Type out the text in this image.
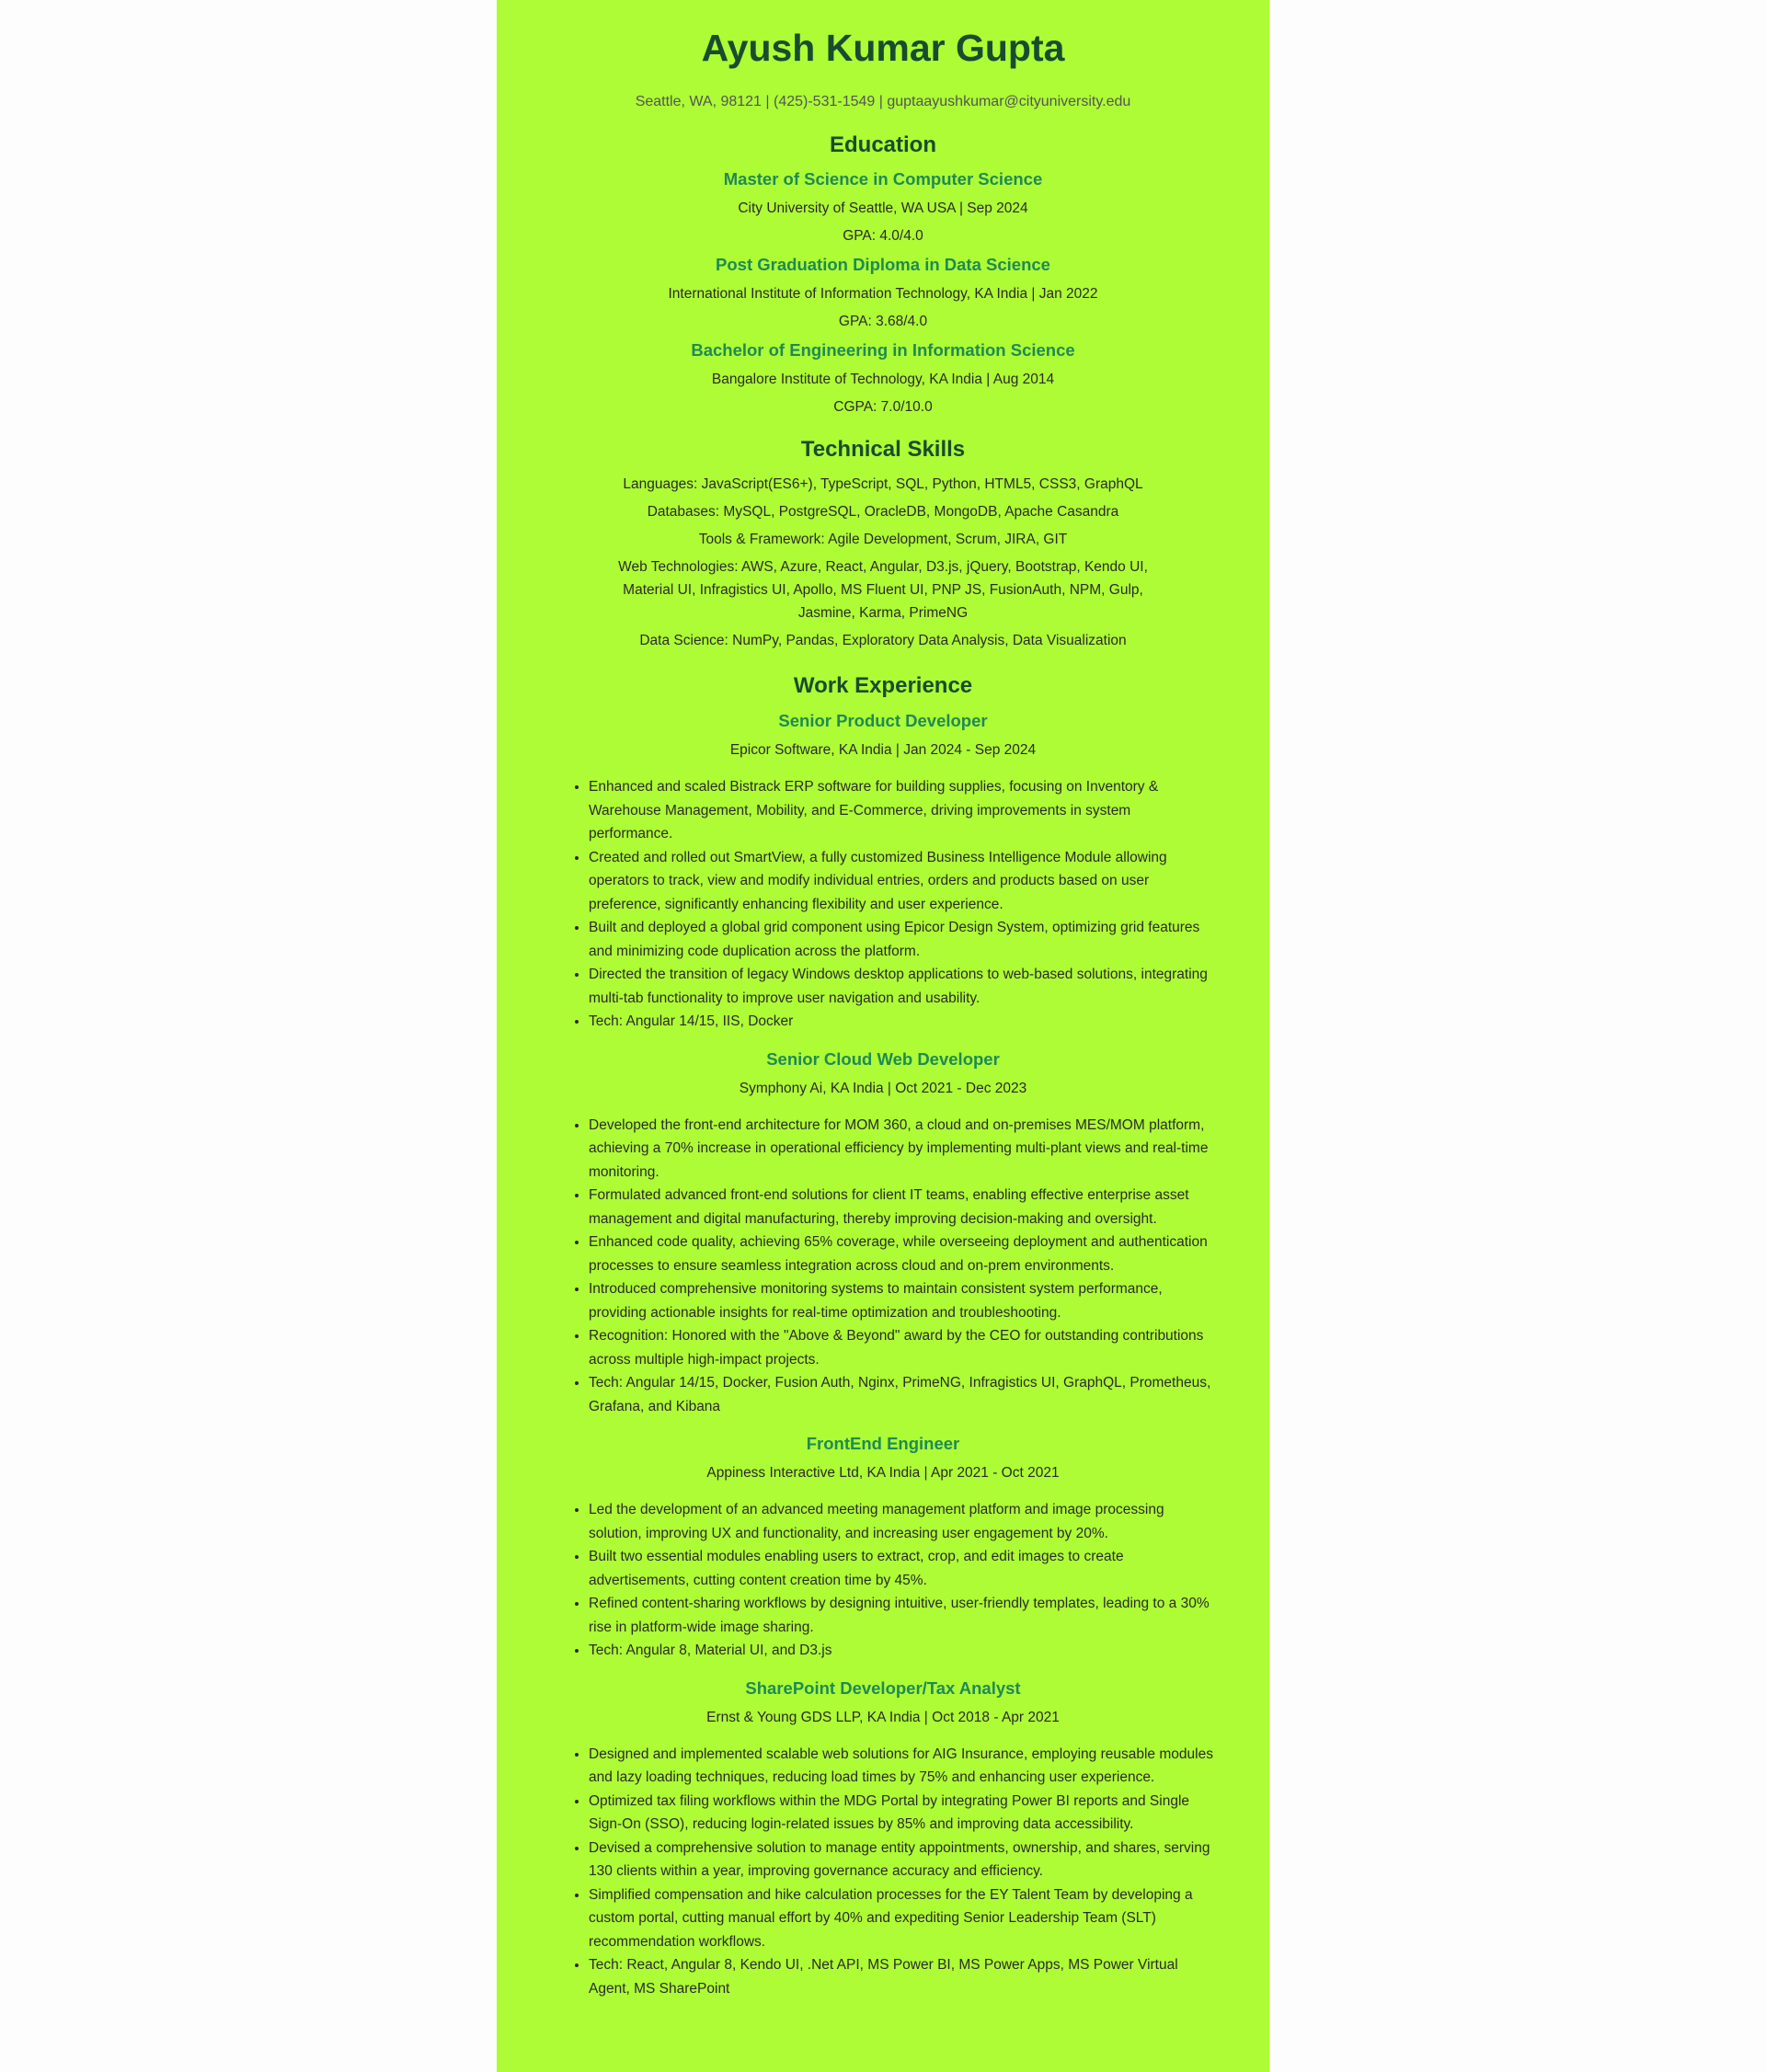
Ayush Kumar Gupta

Seattle, WA, 98121 | (425)-531-1549 | guptaayushkumar@cityuniversity.edu

Education
Master of Science in Computer Science

City University of Seattle, WA USA | Sep 2024

GPA: 4.0/4.0

Post Graduation Diploma in Data Science

International Institute of Information Technology, KA India | Jan 2022

GPA: 3.68/4.0

Bachelor of Engineering in Information Science

Bangalore Institute of Technology, KA India | Aug 2014

CGPA: 7.0/10.0

Technical Skills

Languages: JavaScript(ES6+), TypeScript, SQL, Python, HTML5, CSS3, GraphQL

Databases: MySQL, PostgreSQL, OracleDB, MongoDB, Apache Casandra

Tools & Framework: Agile Development, Scrum, JIRA, GIT

Web Technologies: AWS, Azure, React, Angular, D3.js, jQuery, Bootstrap, Kendo UI, Material UI, Infragistics UI, Apollo, MS Fluent UI, PNP JS, FusionAuth, NPM, Gulp, Jasmine, Karma, PrimeNG

Data Science: NumPy, Pandas, Exploratory Data Analysis, Data Visualization

Work Experience
Senior Product Developer

Epicor Software, KA India | Jan 2024 - Sep 2024

• Enhanced and scaled Bistrack ERP software for building supplies, focusing on Inventory & Warehouse Management, Mobility, and E-Commerce, driving improvements in system performance.
• Created and rolled out SmartView, a fully customized Business Intelligence Module allowing operators to track, view and modify individual entries, orders and products based on user preference, significantly enhancing flexibility and user experience.
• Built and deployed a global grid component using Epicor Design System, optimizing grid features and minimizing code duplication across the platform.
• Directed the transition of legacy Windows desktop applications to web-based solutions, integrating multi-tab functionality to improve user navigation and usability.
• Tech: Angular 14/15, IIS, Docker
Senior Cloud Web Developer

Symphony Ai, KA India | Oct 2021 - Dec 2023

• Developed the front-end architecture for MOM 360, a cloud and on-premises MES/MOM platform, achieving a 70% increase in operational efficiency by implementing multi-plant views and real-time monitoring.
• Formulated advanced front-end solutions for client IT teams, enabling effective enterprise asset management and digital manufacturing, thereby improving decision-making and oversight.
• Enhanced code quality, achieving 65% coverage, while overseeing deployment and authentication processes to ensure seamless integration across cloud and on-prem environments.
• Introduced comprehensive monitoring systems to maintain consistent system performance, providing actionable insights for real-time optimization and troubleshooting.
• Recognition: Honored with the "Above & Beyond" award by the CEO for outstanding contributions across multiple high-impact projects.
• Tech: Angular 14/15, Docker, Fusion Auth, Nginx, PrimeNG, Infragistics UI, GraphQL, Prometheus, Grafana, and Kibana
FrontEnd Engineer

Appiness Interactive Ltd, KA India | Apr 2021 - Oct 2021

• Led the development of an advanced meeting management platform and image processing solution, improving UX and functionality, and increasing user engagement by 20%.
• Built two essential modules enabling users to extract, crop, and edit images to create advertisements, cutting content creation time by 45%.
• Refined content-sharing workflows by designing intuitive, user-friendly templates, leading to a 30% rise in platform-wide image sharing.
• Tech: Angular 8, Material UI, and D3.js
SharePoint Developer/Tax Analyst

Ernst & Young GDS LLP, KA India | Oct 2018 - Apr 2021

• Designed and implemented scalable web solutions for AIG Insurance, employing reusable modules and lazy loading techniques, reducing load times by 75% and enhancing user experience.
• Optimized tax filing workflows within the MDG Portal by integrating Power BI reports and Single Sign-On (SSO), reducing login-related issues by 85% and improving data accessibility.
• Devised a comprehensive solution to manage entity appointments, ownership, and shares, serving 130 clients within a year, improving governance accuracy and efficiency.
• Simplified compensation and hike calculation processes for the EY Talent Team by developing a custom portal, cutting manual effort by 40% and expediting Senior Leadership Team (SLT) recommendation workflows.
• Tech: React, Angular 8, Kendo UI, .Net API, MS Power BI, MS Power Apps, MS Power Virtual Agent, MS SharePoint
